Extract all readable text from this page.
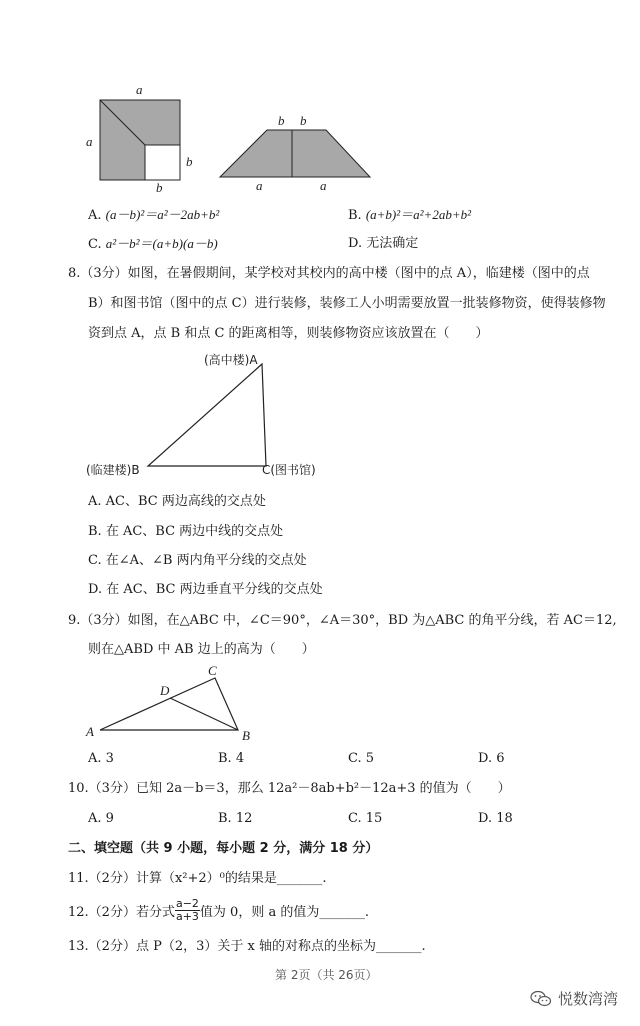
a
a
b
b
b b
a	a
A. (a－b)²＝a²－2ab+b²	B. (a+b)²＝a²+2ab+b²
C. a²－b²＝(a+b)(a－b)	D. 无法确定
8.（3分）如图，在暑假期间，某学校对其校内的高中楼（图中的点 A），临建楼（图中的点
B）和图书馆（图中的点 C）进行装修，装修工人小明需要放置一批装修物资，使得装修物
资到点 A，点 B 和点 C 的距离相等，则装修物资应该放置在（　　）
(高中楼)A
(临建楼)B	C(图书馆)
A. AC、BC 两边高线的交点处
B. 在 AC、BC 两边中线的交点处
C. 在∠A、∠B 两内角平分线的交点处
D. 在 AC、BC 两边垂直平分线的交点处
9.（3分）如图，在△ABC 中，∠C＝90°，∠A＝30°，BD 为△ABC 的角平分线，若 AC＝12,
则在△ABD 中 AB 边上的高为（　　）
C
D
A	B
A. 3	B. 4	C. 5	D. 6
10.（3分）已知 2a－b＝3，那么 12a²－8ab+b²－12a+3 的值为（　　）
A. 9	B. 12	C. 15	D. 18
二、填空题（共 9 小题，每小题 2 分，满分 18 分）
11.（2分）计算（x²+2）⁰的结果是_______.
12.（2分）若分式 $\frac{a-2}{a+3}$ 值为 0，则 a 的值为_______.
13.（2分）点 P（2，3）关于 x 轴的对称点的坐标为_______.
第 2页（共 26页）
悦数湾湾
